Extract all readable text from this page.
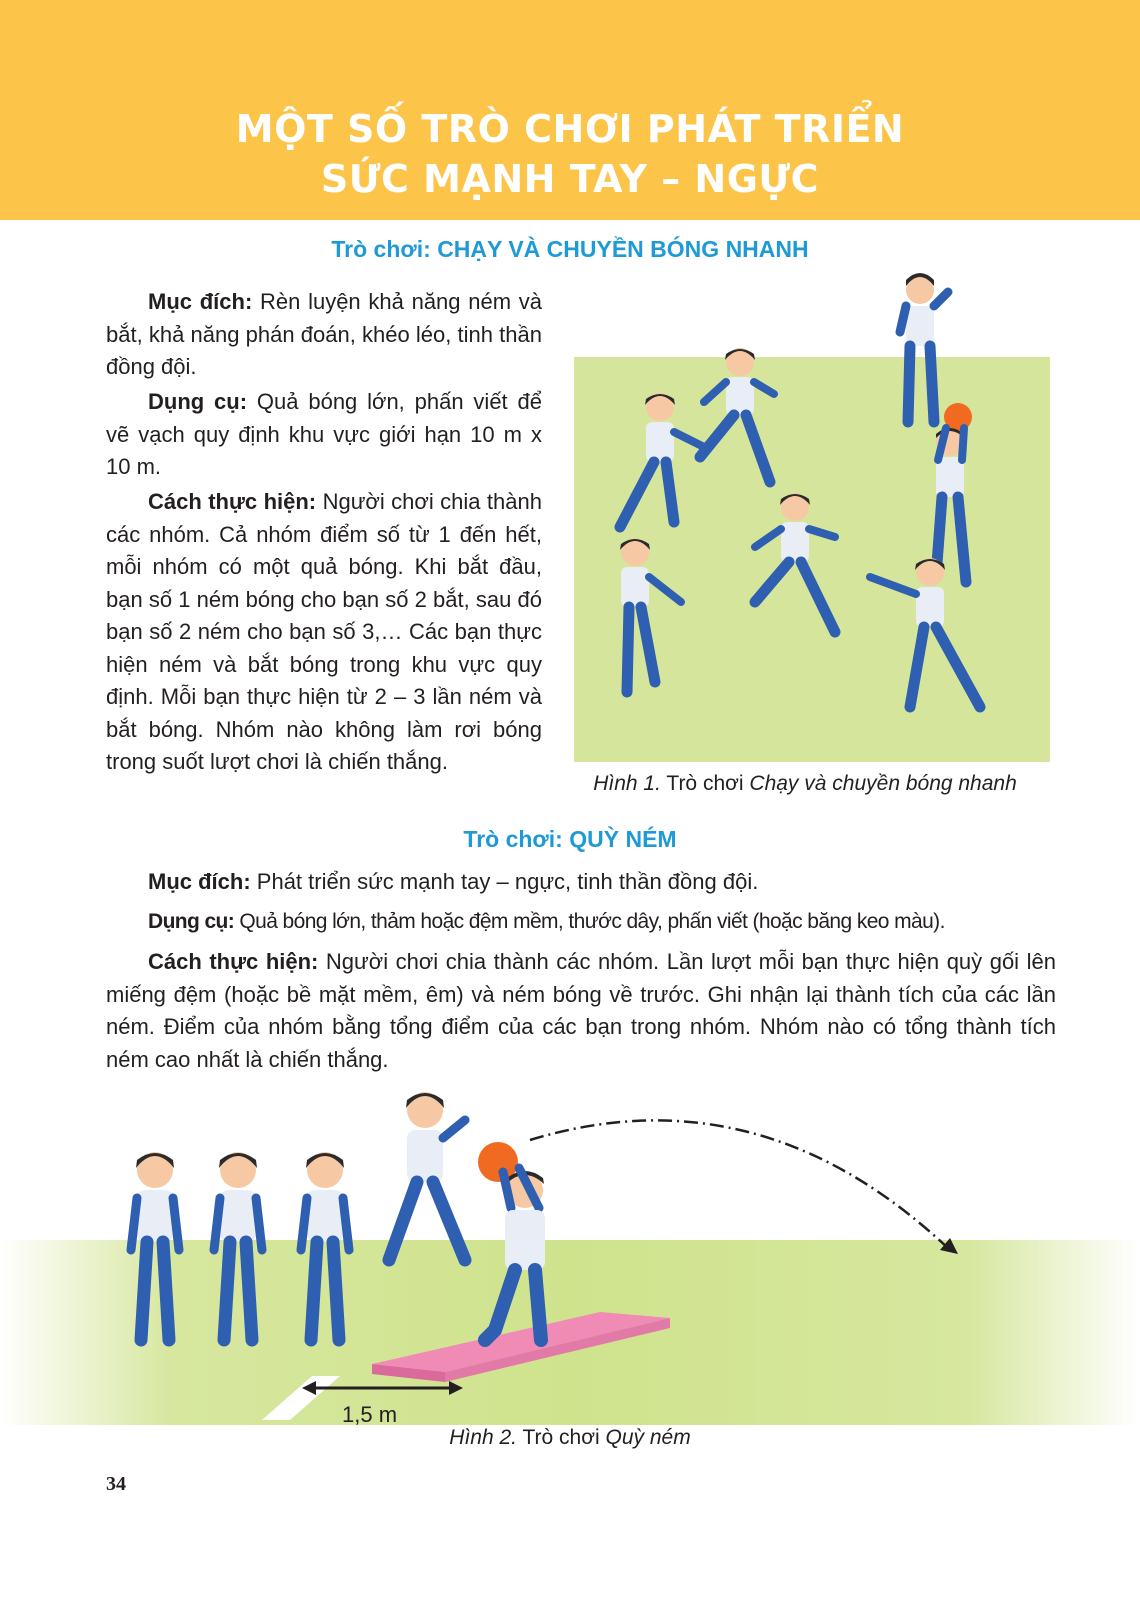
MỘT SỐ TRÒ CHƠI PHÁT TRIỂN
SỨC MẠNH TAY – NGỰC
Trò chơi: CHẠY VÀ CHUYỀN BÓNG NHANH

Mục đích: Rèn luyện khả năng ném và bắt, khả năng phán đoán, khéo léo, tinh thần đồng đội.

Dụng cụ: Quả bóng lớn, phấn viết để vẽ vạch quy định khu vực giới hạn 10 m x 10 m.

Cách thực hiện: Người chơi chia thành các nhóm. Cả nhóm điểm số từ 1 đến hết, mỗi nhóm có một quả bóng. Khi bắt đầu, bạn số 1 ném bóng cho bạn số 2 bắt, sau đó bạn số 2 ném cho bạn số 3,… Các bạn thực hiện ném và bắt bóng trong khu vực quy định. Mỗi bạn thực hiện từ 2 – 3 lần ném và bắt bóng. Nhóm nào không làm rơi bóng trong suốt lượt chơi là chiến thắng.

Hình 1. Trò chơi Chạy và chuyền bóng nhanh
Trò chơi: QUỲ NÉM

Mục đích: Phát triển sức mạnh tay – ngực, tinh thần đồng đội.

Dụng cụ: Quả bóng lớn, thảm hoặc đệm mềm, thước dây, phấn viết (hoặc băng keo màu).

Cách thực hiện: Người chơi chia thành các nhóm. Lần lượt mỗi bạn thực hiện quỳ gối lên miếng đệm (hoặc bề mặt mềm, êm) và ném bóng về trước. Ghi nhận lại thành tích của các lần ném. Điểm của nhóm bằng tổng điểm của các bạn trong nhóm. Nhóm nào có tổng thành tích ném cao nhất là chiến thắng.

1,5 m
Hình 2. Trò chơi Quỳ ném
34
